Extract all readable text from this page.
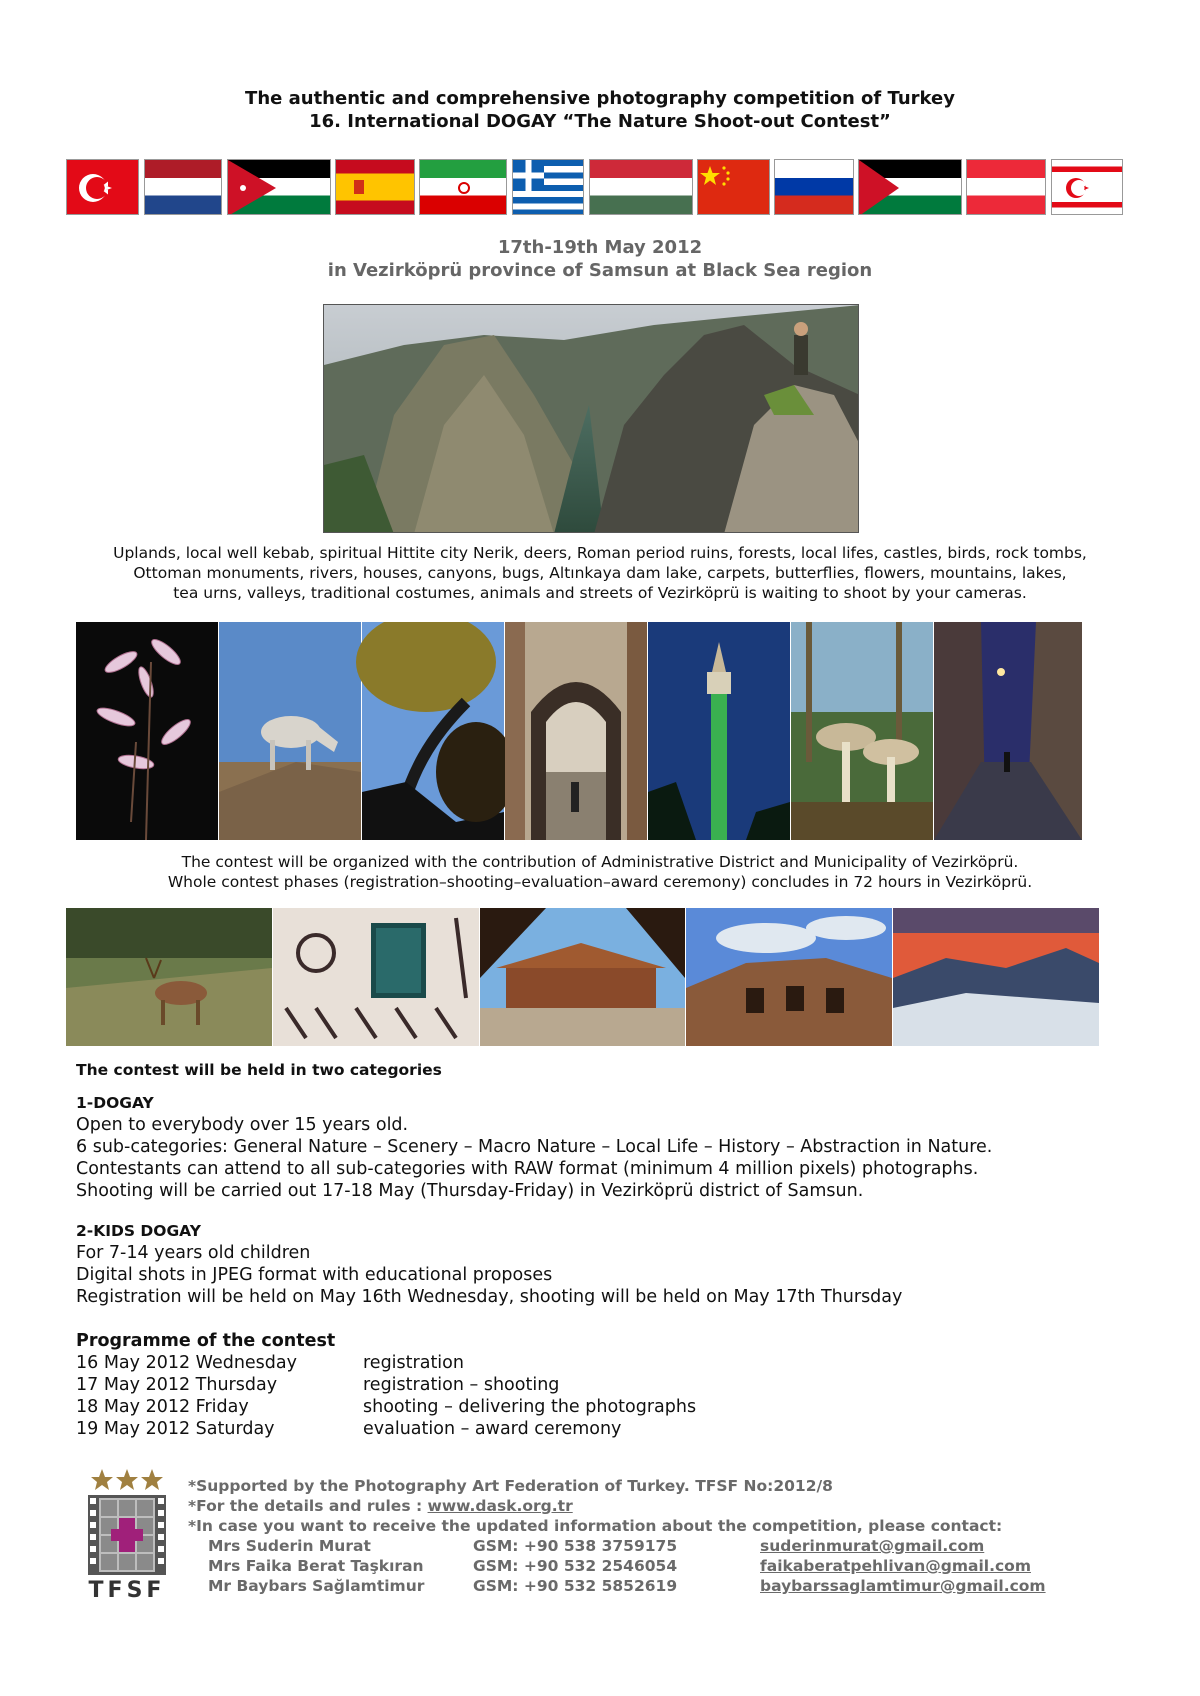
The authentic and comprehensive photography competition of Turkey
16. International DOGAY “The Nature Shoot-out Contest”
17th-19th May 2012
in Vezirköprü province of Samsun at Black Sea region
Uplands, local well kebab, spiritual Hittite city Nerik, deers, Roman period ruins, forests, local lifes, castles, birds, rock tombs,
Ottoman monuments, rivers, houses, canyons, bugs, Altınkaya dam lake, carpets, butterflies, flowers, mountains, lakes,
tea urns, valleys, traditional costumes, animals and streets of Vezirköprü is waiting to shoot by your cameras.
The contest will be organized with the contribution of Administrative District and Municipality of Vezirköprü.
Whole contest phases (registration–shooting–evaluation–award ceremony) concludes in 72 hours in Vezirköprü.
The contest will be held in two categories
1-DOGAY
Open to everybody over 15 years old.
6 sub-categories: General Nature – Scenery – Macro Nature – Local Life – History – Abstraction in Nature.
Contestants can attend to all sub-categories with RAW format (minimum 4 million pixels) photographs.
Shooting will be carried out 17-18 May (Thursday-Friday) in Vezirköprü district of Samsun.
2-KIDS DOGAY
For 7-14 years old children
Digital shots in JPEG format with educational proposes
Registration will be held on May 16th Wednesday, shooting will be held on May 17th Thursday
Programme of the contest
16 May 2012 Wednesday	registration
17 May 2012 Thursday	registration – shooting
18 May 2012 Friday	shooting – delivering the photographs
19 May 2012 Saturday	evaluation – award ceremony
TFSF
*Supported by the Photography Art Federation of Turkey. TFSF No:2012/8
*For the details and rules : www.dask.org.tr
*In case you want to receive the updated information about the competition, please contact:
Mrs Suderin Murat	GSM: +90 538 3759175	suderinmurat@gmail.com
Mrs Faika Berat Taşkıran	GSM: +90 532 2546054	faikaberatpehlivan@gmail.com
Mr Baybars Sağlamtimur	GSM: +90 532 5852619	baybarssaglamtimur@gmail.com
